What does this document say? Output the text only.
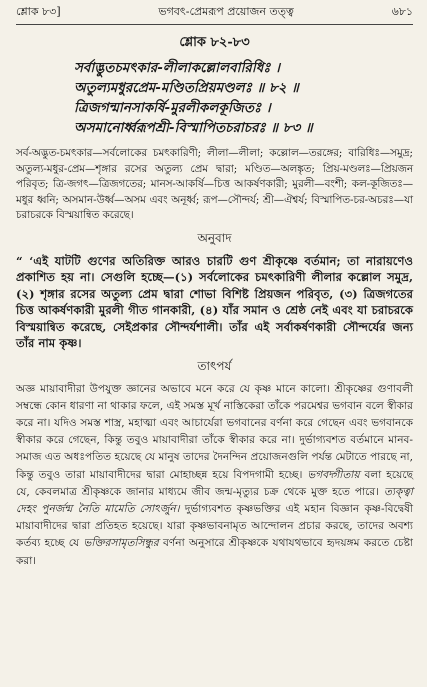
শ্লোক ৮৩]	ভগবৎ-প্রেমরূপ প্রয়োজন তত্ত্ব	৬৮১
শ্লোক ৮২-৮৩
সর্বাদ্ভুতচমৎকার-লীলাকল্লোলবারিধিঃ ।
অতুল্যমধুরপ্রেম-মণ্ডিতপ্রিয়মণ্ডলঃ ॥ ৮২ ॥
ত্রিজগন্মানসাকর্ষি-মুরলীকলকূজিতঃ ।
অসমানোর্ধ্বরূপশ্রী-বিস্মাপিতচরাচরঃ ॥ ৮৩ ॥
সর্ব-অদ্ভুত-চমৎকার—সর্বলোকের চমৎকারিণী; লীলা—লীলা; কল্লোল—তরঙ্গের; বারিধিঃ—সমুদ্র; অতুল্য-মধুর-প্রেম—শৃঙ্গার রসের অতুল্য প্রেম দ্বারা; মণ্ডিত—অলঙ্কৃত; প্রিয়-মণ্ডলঃ—প্রিয়জন পরিবৃত; ত্রি-জগৎ—ত্রিজগতের; মানস-আকর্ষি—চিত্ত আকর্ষণকারী; মুরলী—বংশী; কল-কূজিতঃ—মধুর ধ্বনি; অসমান-উর্ধ্ব—অসম এবং অনূর্ধ্ব; রূপ—সৌন্দর্য; শ্রী—ঐশ্বর্য; বিস্মাপিত-চর-অচরঃ—যা চরাচরকে বিস্ময়ান্বিত করেছে।
অনুবাদ
“ ‘এই যাটটি গুণের অতিরিক্ত আরও চারটি গুণ শ্রীকৃষ্ণে বর্তমান; তা নারায়ণেও প্রকাশিত হয় না। সেগুলি হচ্ছে—(১) সর্বলোকের চমৎকারিণী লীলার কল্লোল সমুদ্র, (২) শৃঙ্গার রসের অতুল্য প্রেম দ্বারা শোভা বিশিষ্ট প্রিয়জন পরিবৃত, (৩) ত্রিজগতের চিত্ত আকর্ষণকারী মুরলী গীত গানকারী, (৪) যাঁর সমান ও শ্রেষ্ঠ নেই এবং যা চরাচরকে বিস্ময়ান্বিত করেছে, সেইপ্রকার সৌন্দর্যশালী। তাঁর এই সর্বাকর্ষণকারী সৌন্দর্যের জন্য তাঁর নাম কৃষ্ণ।
তাৎপর্য
অজ্ঞ মায়াবাদীরা উপযুক্ত জ্ঞানের অভাবে মনে করে যে কৃষ্ণ মানে কালো। শ্রীকৃষ্ণের গুণাবলী সম্বন্ধে কোন ধারণা না থাকার ফলে, এই সমস্ত মূর্খ নাস্তিকেরা তাঁকে পরমেশ্বর ভগবান বলে স্বীকার করে না। যদিও সমস্ত শাস্ত্র, মহাত্মা এবং আচার্যেরা ভগবানের বর্ণনা করে গেছেন এবং ভগবানকে স্বীকার করে গেছেন, কিন্তু তবুও মায়াবাদীরা তাঁকে স্বীকার করে না। দুর্ভাগ্যবশত বর্তমানে মানব-সমাজ এত অধঃপতিত হয়েছে যে মানুষ তাদের দৈনন্দিন প্রয়োজনগুলি পর্যন্ত মেটাতে পারছে না, কিন্তু তবুও তারা মায়াবাদীদের দ্বারা মোহাচ্ছন্ন হয়ে বিপদগামী হচ্ছে। ভগবদ্গীতায় বলা হয়েছে যে, কেবলমাত্র শ্রীকৃষ্ণকে জানার মাধ্যমে জীব জন্ম-মৃত্যুর চক্র থেকে মুক্ত হতে পারে। ত্যক্ত্বা দেহং পুনর্জন্ম নৈতি মামেতি সোঽর্জুন। দুর্ভাগ্যবশত কৃষ্ণভক্তির এই মহান বিজ্ঞান কৃষ্ণ-বিদ্বেষী মায়াবাদীদের দ্বারা প্রতিহত হয়েছে। যারা কৃষ্ণভাবনামৃত আন্দোলন প্রচার করছে, তাদের অবশ্য কর্তব্য হচ্ছে যে ভক্তিরসামৃতসিন্ধুর বর্ণনা অনুসারে শ্রীকৃষ্ণকে যথাযথভাবে হৃদয়ঙ্গম করতে চেষ্টা করা।
